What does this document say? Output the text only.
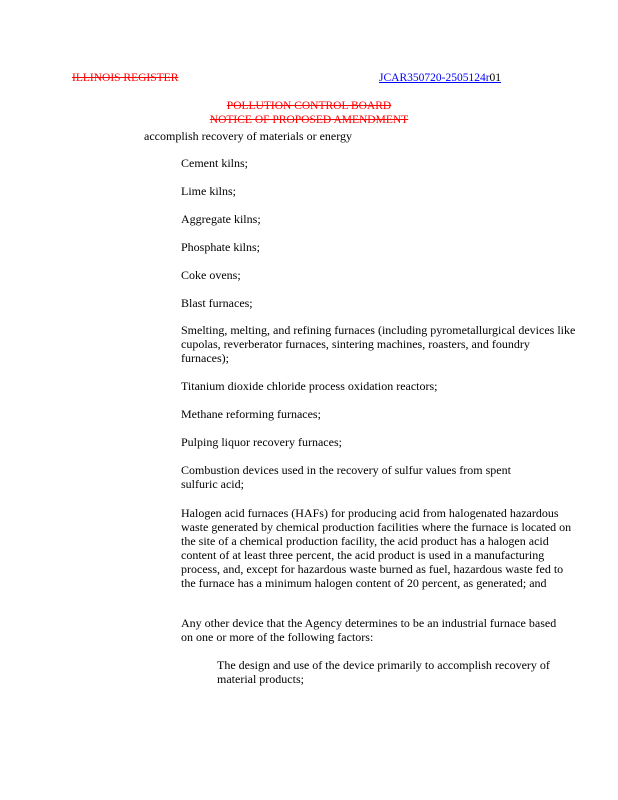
ILLINOIS REGISTER	JCAR350720-2505124r01
POLLUTION CONTROL BOARD
NOTICE OF PROPOSED AMENDMENT
accomplish recovery of materials or energy
Cement kilns;
Lime kilns;
Aggregate kilns;
Phosphate kilns;
Coke ovens;
Blast furnaces;
Smelting, melting, and refining furnaces (including pyrometallurgical devices like cupolas, reverberator furnaces, sintering machines, roasters, and foundry furnaces);
Titanium dioxide chloride process oxidation reactors;
Methane reforming furnaces;
Pulping liquor recovery furnaces;
Combustion devices used in the recovery of sulfur values from spent sulfuric acid;
Halogen acid furnaces (HAFs) for producing acid from halogenated hazardous waste generated by chemical production facilities where the furnace is located on the site of a chemical production facility, the acid product has a halogen acid content of at least three percent, the acid product is used in a manufacturing process, and, except for hazardous waste burned as fuel, hazardous waste fed to the furnace has a minimum halogen content of 20 percent, as generated; and
Any other device that the Agency determines to be an industrial furnace based on one or more of the following factors:
The design and use of the device primarily to accomplish recovery of material products;
